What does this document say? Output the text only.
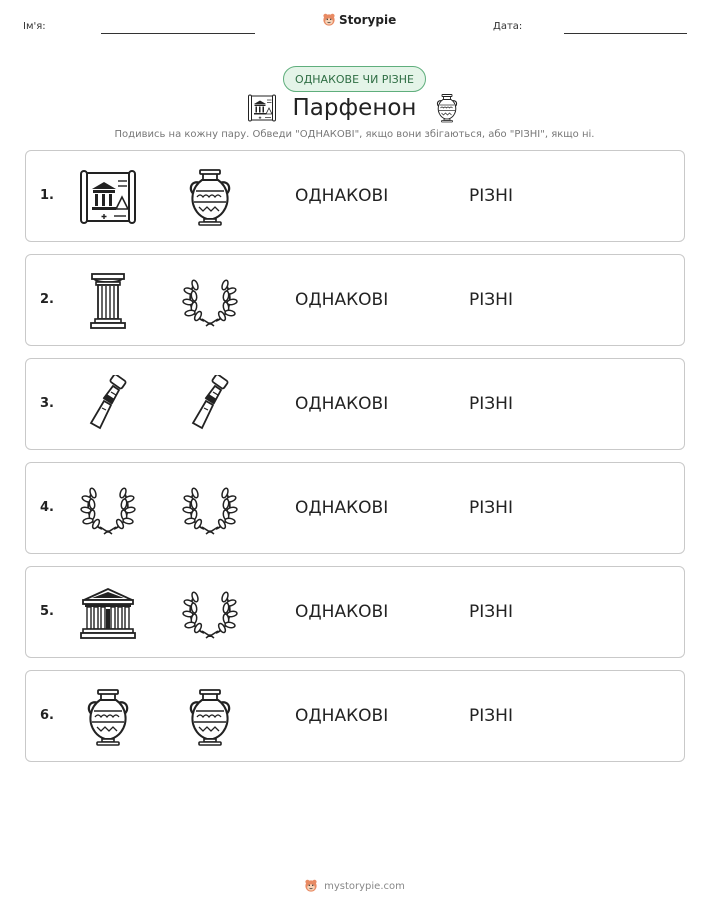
Ім'я:	Storypie	Дата:
ОДНАКОВЕ ЧИ РІЗНЕ
Парфенон
Подивись на кожну пару. Обведи "ОДНАКОВІ", якщо вони збігаються, або "РІЗНІ", якщо ні.
1.	ОДНАКОВІ	РІЗНІ
2.	ОДНАКОВІ	РІЗНІ
3.	ОДНАКОВІ	РІЗНІ
4.	ОДНАКОВІ	РІЗНІ
5.	ОДНАКОВІ	РІЗНІ
6.	ОДНАКОВІ	РІЗНІ
mystorypie.com
